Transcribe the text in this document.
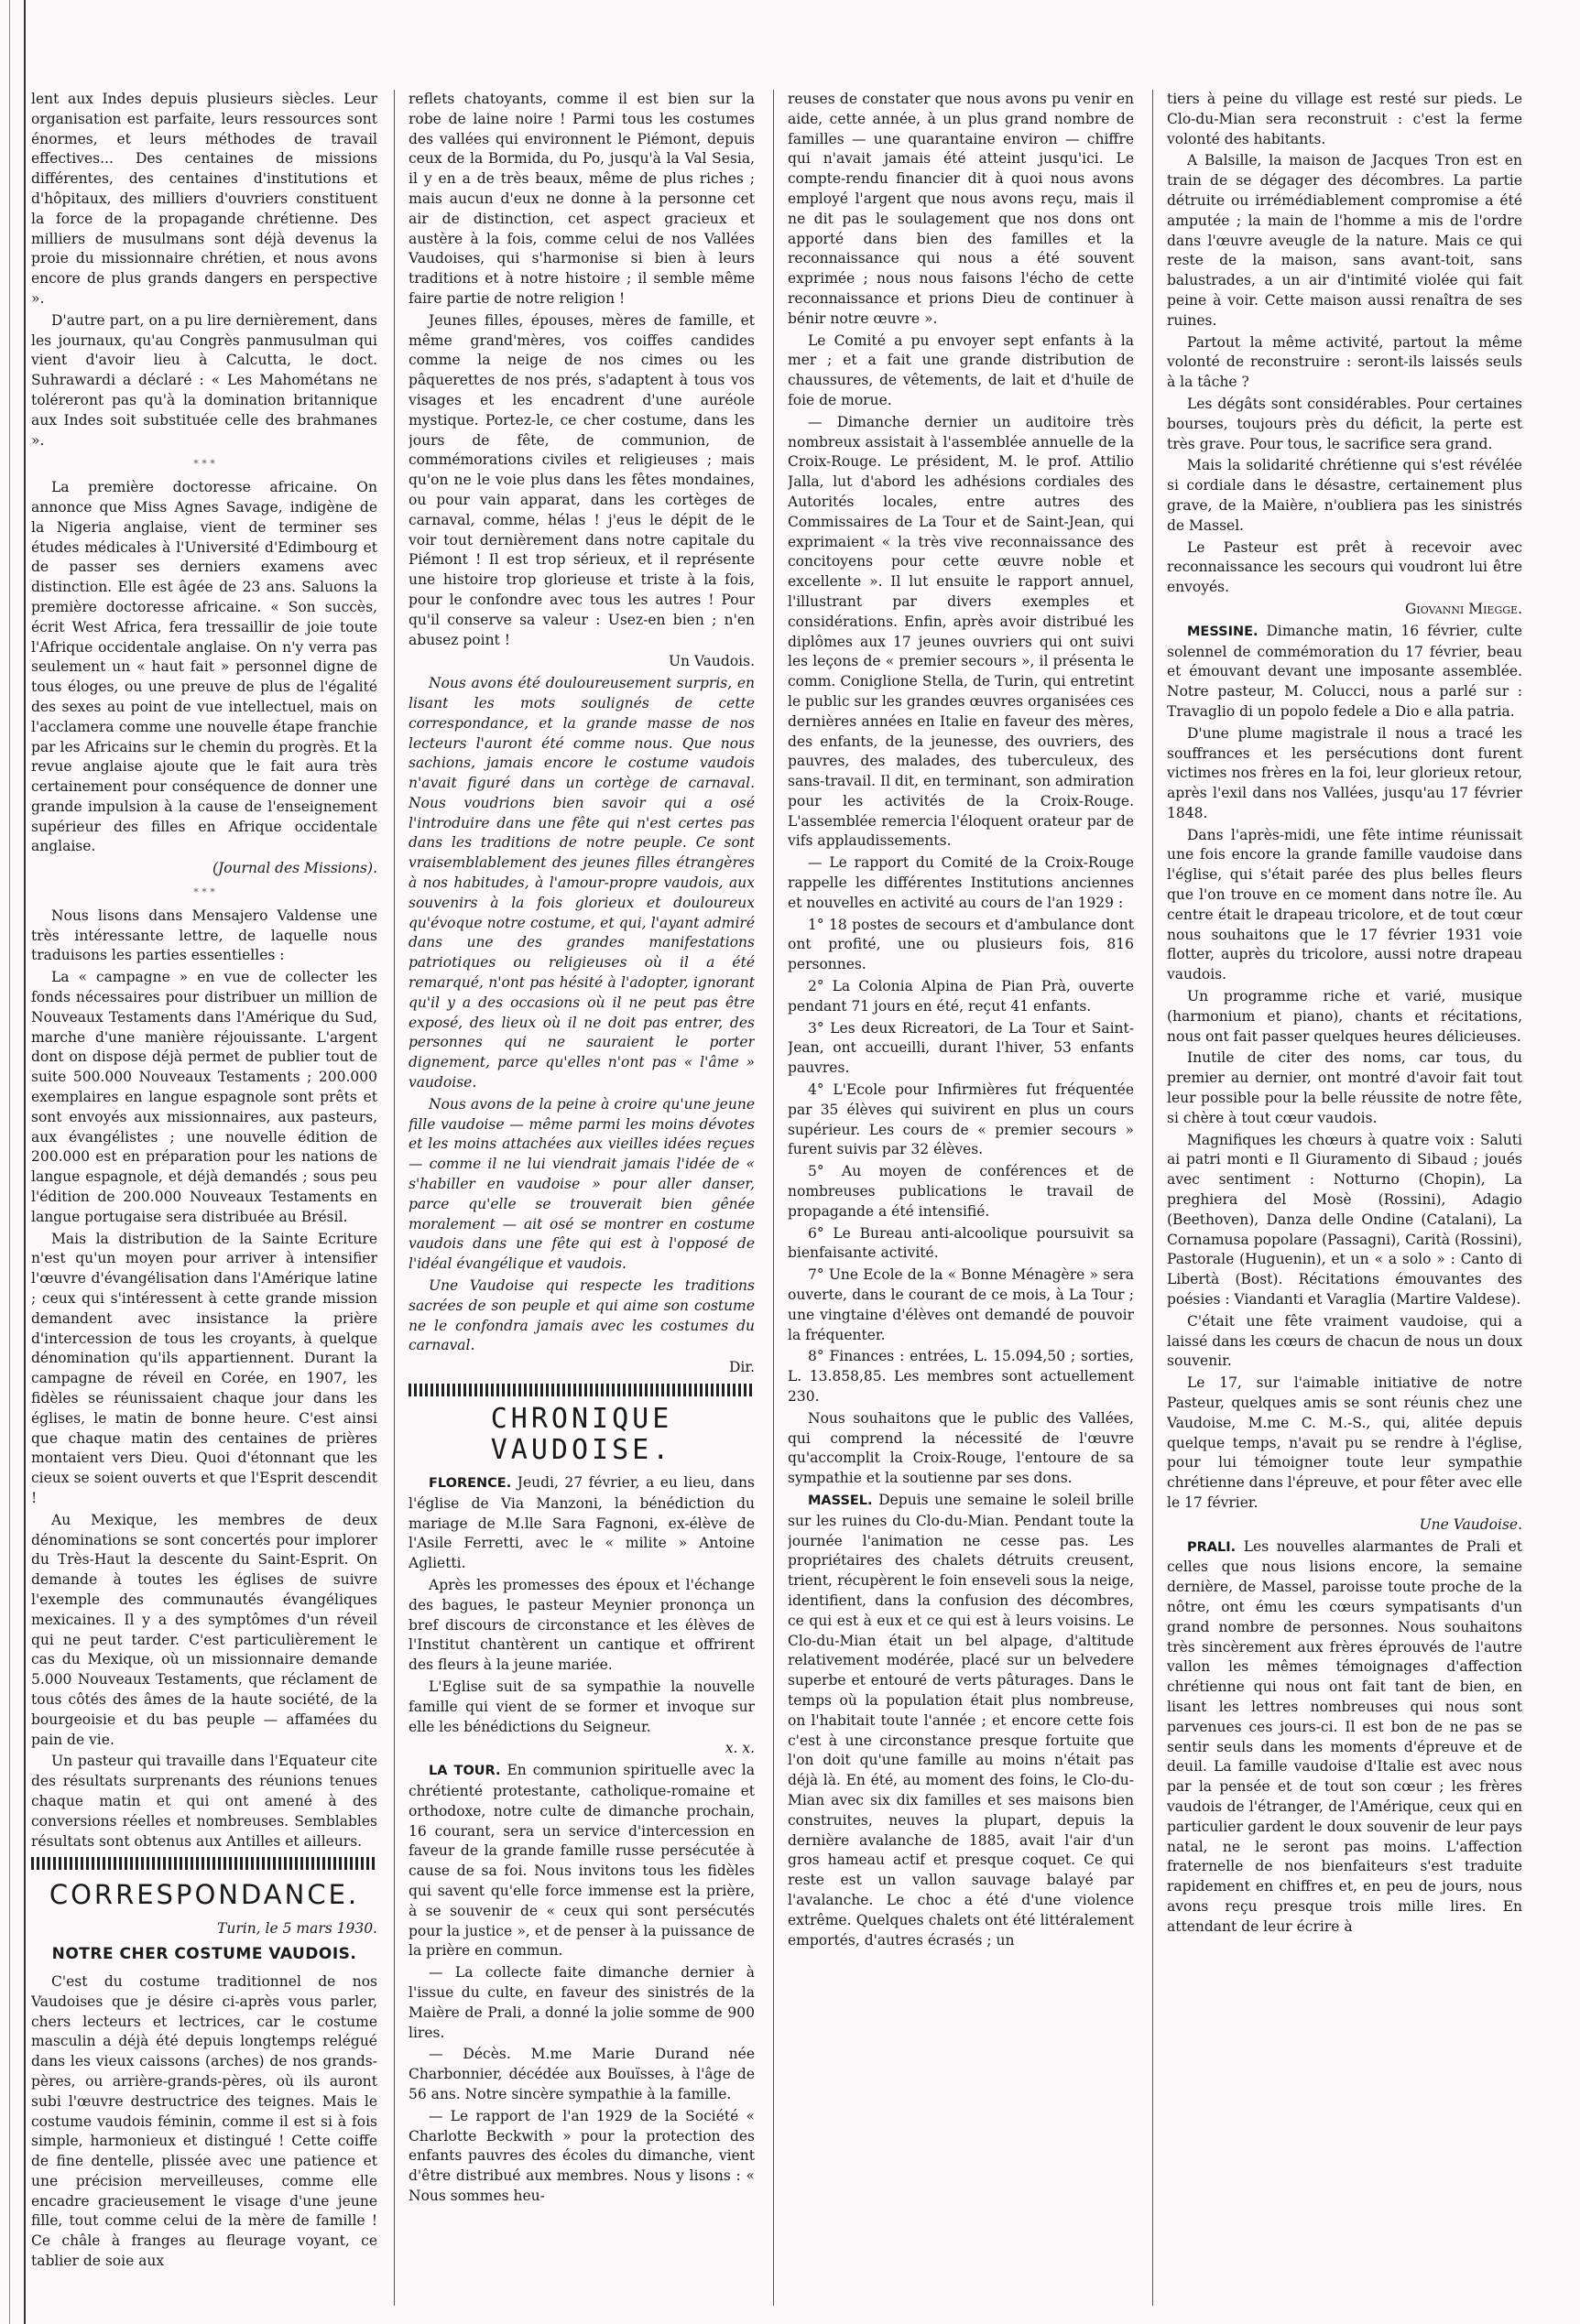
lent aux Indes depuis plusieurs siècles. Leur organisation est parfaite, leurs ressources sont énormes, et leurs méthodes de travail effectives... Des centaines de missions différentes, des centaines d'institutions et d'hôpitaux, des milliers d'ouvriers constituent la force de la propagande chrétienne. Des milliers de musulmans sont déjà devenus la proie du missionnaire chrétien, et nous avons encore de plus grands dangers en perspective ».

D'autre part, on a pu lire dernièrement, dans les journaux, qu'au Congrès panmusulman qui vient d'avoir lieu à Calcutta, le doct. Suhrawardi a déclaré : « Les Mahométans ne toléreront pas qu'à la domination britannique aux Indes soit substituée celle des brahmanes ».

* * *

La première doctoresse africaine. On annonce que Miss Agnes Savage, indigène de la Nigeria anglaise, vient de terminer ses études médicales à l'Université d'Edimbourg et de passer ses derniers examens avec distinction. Elle est âgée de 23 ans. Saluons la première doctoresse africaine. « Son succès, écrit West Africa, fera tressaillir de joie toute l'Afrique occidentale anglaise. On n'y verra pas seulement un « haut fait » personnel digne de tous éloges, ou une preuve de plus de l'égalité des sexes au point de vue intellectuel, mais on l'acclamera comme une nouvelle étape franchie par les Africains sur le chemin du progrès. Et la revue anglaise ajoute que le fait aura très certainement pour conséquence de donner une grande impulsion à la cause de l'enseignement supérieur des filles en Afrique occidentale anglaise.

(Journal des Missions).

* * *

Nous lisons dans Mensajero Valdense une très intéressante lettre, de laquelle nous traduisons les parties essentielles :

La « campagne » en vue de collecter les fonds nécessaires pour distribuer un million de Nouveaux Testaments dans l'Amérique du Sud, marche d'une manière réjouissante. L'argent dont on dispose déjà permet de publier tout de suite 500.000 Nouveaux Testaments ; 200.000 exemplaires en langue espagnole sont prêts et sont envoyés aux missionnaires, aux pasteurs, aux évangélistes ; une nouvelle édition de 200.000 est en préparation pour les nations de langue espagnole, et déjà demandés ; sous peu l'édition de 200.000 Nouveaux Testaments en langue portugaise sera distribuée au Brésil.

Mais la distribution de la Sainte Ecriture n'est qu'un moyen pour arriver à intensifier l'œuvre d'évangélisation dans l'Amérique latine ; ceux qui s'intéressent à cette grande mission demandent avec insistance la prière d'intercession de tous les croyants, à quelque dénomination qu'ils appartiennent. Durant la campagne de réveil en Corée, en 1907, les fidèles se réunissaient chaque jour dans les églises, le matin de bonne heure. C'est ainsi que chaque matin des centaines de prières montaient vers Dieu. Quoi d'étonnant que les cieux se soient ouverts et que l'Esprit descendit !

Au Mexique, les membres de deux dénominations se sont concertés pour implorer du Très-Haut la descente du Saint-Esprit. On demande à toutes les églises de suivre l'exemple des communautés évangéliques mexicaines. Il y a des symptômes d'un réveil qui ne peut tarder. C'est particulièrement le cas du Mexique, où un missionnaire demande 5.000 Nouveaux Testaments, que réclament de tous côtés des âmes de la haute société, de la bourgeoisie et du bas peuple — affamées du pain de vie.

Un pasteur qui travaille dans l'Equateur cite des résultats surprenants des réunions tenues chaque matin et qui ont amené à des conversions réelles et nombreuses. Semblables résultats sont obtenus aux Antilles et ailleurs.

CORRESPONDANCE.

Turin, le 5 mars 1930.

NOTRE CHER COSTUME VAUDOIS.

C'est du costume traditionnel de nos Vaudoises que je désire ci-après vous parler, chers lecteurs et lectrices, car le costume masculin a déjà été depuis longtemps relégué dans les vieux caissons (arches) de nos grands-pères, ou arrière-grands-pères, où ils auront subi l'œuvre destructrice des teignes. Mais le costume vaudois féminin, comme il est si à fois simple, harmonieux et distingué ! Cette coiffe de fine dentelle, plissée avec une patience et une précision merveilleuses, comme elle encadre gracieusement le visage d'une jeune fille, tout comme celui de la mère de famille ! Ce châle à franges au fleurage voyant, ce tablier de soie aux

reflets chatoyants, comme il est bien sur la robe de laine noire ! Parmi tous les costumes des vallées qui environnent le Piémont, depuis ceux de la Bormida, du Po, jusqu'à la Val Sesia, il y en a de très beaux, même de plus riches ; mais aucun d'eux ne donne à la personne cet air de distinction, cet aspect gracieux et austère à la fois, comme celui de nos Vallées Vaudoises, qui s'harmonise si bien à leurs traditions et à notre histoire ; il semble même faire partie de notre religion !

Jeunes filles, épouses, mères de famille, et même grand'mères, vos coiffes candides comme la neige de nos cimes ou les pâquerettes de nos prés, s'adaptent à tous vos visages et les encadrent d'une auréole mystique. Portez-le, ce cher costume, dans les jours de fête, de communion, de commémorations civiles et religieuses ; mais qu'on ne le voie plus dans les fêtes mondaines, ou pour vain apparat, dans les cortèges de carnaval, comme, hélas ! j'eus le dépit de le voir tout dernièrement dans notre capitale du Piémont ! Il est trop sérieux, et il représente une histoire trop glorieuse et triste à la fois, pour le confondre avec tous les autres ! Pour qu'il conserve sa valeur : Usez-en bien ; n'en abusez point !

Un Vaudois.

Nous avons été douloureusement surpris, en lisant les mots soulignés de cette correspondance, et la grande masse de nos lecteurs l'auront été comme nous. Que nous sachions, jamais encore le costume vaudois n'avait figuré dans un cortège de carnaval. Nous voudrions bien savoir qui a osé l'introduire dans une fête qui n'est certes pas dans les traditions de notre peuple. Ce sont vraisemblablement des jeunes filles étrangères à nos habitudes, à l'amour-propre vaudois, aux souvenirs à la fois glorieux et douloureux qu'évoque notre costume, et qui, l'ayant admiré dans une des grandes manifestations patriotiques ou religieuses où il a été remarqué, n'ont pas hésité à l'adopter, ignorant qu'il y a des occasions où il ne peut pas être exposé, des lieux où il ne doit pas entrer, des personnes qui ne sauraient le porter dignement, parce qu'elles n'ont pas « l'âme » vaudoise.

Nous avons de la peine à croire qu'une jeune fille vaudoise — même parmi les moins dévotes et les moins attachées aux vieilles idées reçues — comme il ne lui viendrait jamais l'idée de « s'habiller en vaudoise » pour aller danser, parce qu'elle se trouverait bien gênée moralement — ait osé se montrer en costume vaudois dans une fête qui est à l'opposé de l'idéal évangélique et vaudois.

Une Vaudoise qui respecte les traditions sacrées de son peuple et qui aime son costume ne le confondra jamais avec les costumes du carnaval.

Dir.

CHRONIQUE VAUDOISE.

FLORENCE. Jeudi, 27 février, a eu lieu, dans l'église de Via Manzoni, la bénédiction du mariage de M.lle Sara Fagnoni, ex-élève de l'Asile Ferretti, avec le « milite » Antoine Aglietti.

Après les promesses des époux et l'échange des bagues, le pasteur Meynier prononça un bref discours de circonstance et les élèves de l'Institut chantèrent un cantique et offrirent des fleurs à la jeune mariée.

L'Eglise suit de sa sympathie la nouvelle famille qui vient de se former et invoque sur elle les bénédictions du Seigneur.

x. x.

LA TOUR. En communion spirituelle avec la chrétienté protestante, catholique-romaine et orthodoxe, notre culte de dimanche prochain, 16 courant, sera un service d'intercession en faveur de la grande famille russe persécutée à cause de sa foi. Nous invitons tous les fidèles qui savent qu'elle force immense est la prière, à se souvenir de « ceux qui sont persécutés pour la justice », et de penser à la puissance de la prière en commun.

— La collecte faite dimanche dernier à l'issue du culte, en faveur des sinistrés de la Maière de Prali, a donné la jolie somme de 900 lires.

— Décès. M.me Marie Durand née Charbonnier, décédée aux Bouïsses, à l'âge de 56 ans. Notre sincère sympathie à la famille.

— Le rapport de l'an 1929 de la Société « Charlotte Beckwith » pour la protection des enfants pauvres des écoles du dimanche, vient d'être distribué aux membres. Nous y lisons : « Nous sommes heu-

reuses de constater que nous avons pu venir en aide, cette année, à un plus grand nombre de familles — une quarantaine environ — chiffre qui n'avait jamais été atteint jusqu'ici. Le compte-rendu financier dit à quoi nous avons employé l'argent que nous avons reçu, mais il ne dit pas le soulagement que nos dons ont apporté dans bien des familles et la reconnaissance qui nous a été souvent exprimée ; nous nous faisons l'écho de cette reconnaissance et prions Dieu de continuer à bénir notre œuvre ».

Le Comité a pu envoyer sept enfants à la mer ; et a fait une grande distribution de chaussures, de vêtements, de lait et d'huile de foie de morue.

— Dimanche dernier un auditoire très nombreux assistait à l'assemblée annuelle de la Croix-Rouge. Le président, M. le prof. Attilio Jalla, lut d'abord les adhésions cordiales des Autorités locales, entre autres des Commissaires de La Tour et de Saint-Jean, qui exprimaient « la très vive reconnaissance des concitoyens pour cette œuvre noble et excellente ». Il lut ensuite le rapport annuel, l'illustrant par divers exemples et considérations. Enfin, après avoir distribué les diplômes aux 17 jeunes ouvriers qui ont suivi les leçons de « premier secours », il présenta le comm. Coniglione Stella, de Turin, qui entretint le public sur les grandes œuvres organisées ces dernières années en Italie en faveur des mères, des enfants, de la jeunesse, des ouvriers, des pauvres, des malades, des tuberculeux, des sans-travail. Il dit, en terminant, son admiration pour les activités de la Croix-Rouge. L'assemblée remercia l'éloquent orateur par de vifs applaudissements.

— Le rapport du Comité de la Croix-Rouge rappelle les différentes Institutions anciennes et nouvelles en activité au cours de l'an 1929 :

1° 18 postes de secours et d'ambulance dont ont profité, une ou plusieurs fois, 816 personnes.

2° La Colonia Alpina de Pian Prà, ouverte pendant 71 jours en été, reçut 41 enfants.

3° Les deux Ricreatori, de La Tour et Saint-Jean, ont accueilli, durant l'hiver, 53 enfants pauvres.

4° L'Ecole pour Infirmières fut fréquentée par 35 élèves qui suivirent en plus un cours supérieur. Les cours de « premier secours » furent suivis par 32 élèves.

5° Au moyen de conférences et de nombreuses publications le travail de propagande a été intensifié.

6° Le Bureau anti-alcoolique poursuivit sa bienfaisante activité.

7° Une Ecole de la « Bonne Ménagère » sera ouverte, dans le courant de ce mois, à La Tour ; une vingtaine d'élèves ont demandé de pouvoir la fréquenter.

8° Finances : entrées, L. 15.094,50 ; sorties, L. 13.858,85. Les membres sont actuellement 230.

Nous souhaitons que le public des Vallées, qui comprend la nécessité de l'œuvre qu'accomplit la Croix-Rouge, l'entoure de sa sympathie et la soutienne par ses dons.

MASSEL. Depuis une semaine le soleil brille sur les ruines du Clo-du-Mian. Pendant toute la journée l'animation ne cesse pas. Les propriétaires des chalets détruits creusent, trient, récupèrent le foin enseveli sous la neige, identifient, dans la confusion des décombres, ce qui est à eux et ce qui est à leurs voisins. Le Clo-du-Mian était un bel alpage, d'altitude relativement modérée, placé sur un belvedere superbe et entouré de verts pâturages. Dans le temps où la population était plus nombreuse, on l'habitait toute l'année ; et encore cette fois c'est à une circonstance presque fortuite que l'on doit qu'une famille au moins n'était pas déjà là. En été, au moment des foins, le Clo-du-Mian avec six dix familles et ses maisons bien construites, neuves la plupart, depuis la dernière avalanche de 1885, avait l'air d'un gros hameau actif et presque coquet. Ce qui reste est un vallon sauvage balayé par l'avalanche. Le choc a été d'une violence extrême. Quelques chalets ont été littéralement emportés, d'autres écrasés ; un

tiers à peine du village est resté sur pieds. Le Clo-du-Mian sera reconstruit : c'est la ferme volonté des habitants.

A Balsille, la maison de Jacques Tron est en train de se dégager des décombres. La partie détruite ou irrémédiablement compromise a été amputée ; la main de l'homme a mis de l'ordre dans l'œuvre aveugle de la nature. Mais ce qui reste de la maison, sans avant-toit, sans balustrades, a un air d'intimité violée qui fait peine à voir. Cette maison aussi renaîtra de ses ruines.

Partout la même activité, partout la même volonté de reconstruire : seront-ils laissés seuls à la tâche ?

Les dégâts sont considérables. Pour certaines bourses, toujours près du déficit, la perte est très grave. Pour tous, le sacrifice sera grand.

Mais la solidarité chrétienne qui s'est révélée si cordiale dans le désastre, certainement plus grave, de la Maière, n'oubliera pas les sinistrés de Massel.

Le Pasteur est prêt à recevoir avec reconnaissance les secours qui voudront lui être envoyés.

Giovanni Miegge.

MESSINE. Dimanche matin, 16 février, culte solennel de commémoration du 17 février, beau et émouvant devant une imposante assemblée. Notre pasteur, M. Colucci, nous a parlé sur : Travaglio di un popolo fedele a Dio e alla patria.

D'une plume magistrale il nous a tracé les souffrances et les persécutions dont furent victimes nos frères en la foi, leur glorieux retour, après l'exil dans nos Vallées, jusqu'au 17 février 1848.

Dans l'après-midi, une fête intime réunissait une fois encore la grande famille vaudoise dans l'église, qui s'était parée des plus belles fleurs que l'on trouve en ce moment dans notre île. Au centre était le drapeau tricolore, et de tout cœur nous souhaitons que le 17 février 1931 voie flotter, auprès du tricolore, aussi notre drapeau vaudois.

Un programme riche et varié, musique (harmonium et piano), chants et récitations, nous ont fait passer quelques heures délicieuses.

Inutile de citer des noms, car tous, du premier au dernier, ont montré d'avoir fait tout leur possible pour la belle réussite de notre fête, si chère à tout cœur vaudois.

Magnifiques les chœurs à quatre voix : Saluti ai patri monti e Il Giuramento di Sibaud ; joués avec sentiment : Notturno (Chopin), La preghiera del Mosè (Rossini), Adagio (Beethoven), Danza delle Ondine (Catalani), La Cornamusa popolare (Passagni), Carità (Rossini), Pastorale (Huguenin), et un « a solo » : Canto di Libertà (Bost). Récitations émouvantes des poésies : Viandanti et Varaglia (Martire Valdese).

C'était une fête vraiment vaudoise, qui a laissé dans les cœurs de chacun de nous un doux souvenir.

Le 17, sur l'aimable initiative de notre Pasteur, quelques amis se sont réunis chez une Vaudoise, M.me C. M.-S., qui, alitée depuis quelque temps, n'avait pu se rendre à l'église, pour lui témoigner toute leur sympathie chrétienne dans l'épreuve, et pour fêter avec elle le 17 février.

Une Vaudoise.

PRALI. Les nouvelles alarmantes de Prali et celles que nous lisions encore, la semaine dernière, de Massel, paroisse toute proche de la nôtre, ont ému les cœurs sympatisants d'un grand nombre de personnes. Nous souhaitons très sincèrement aux frères éprouvés de l'autre vallon les mêmes témoignages d'affection chrétienne qui nous ont fait tant de bien, en lisant les lettres nombreuses qui nous sont parvenues ces jours-ci. Il est bon de ne pas se sentir seuls dans les moments d'épreuve et de deuil. La famille vaudoise d'Italie est avec nous par la pensée et de tout son cœur ; les frères vaudois de l'étranger, de l'Amérique, ceux qui en particulier gardent le doux souvenir de leur pays natal, ne le seront pas moins. L'affection fraternelle de nos bienfaiteurs s'est traduite rapidement en chiffres et, en peu de jours, nous avons reçu presque trois mille lires. En attendant de leur écrire à
